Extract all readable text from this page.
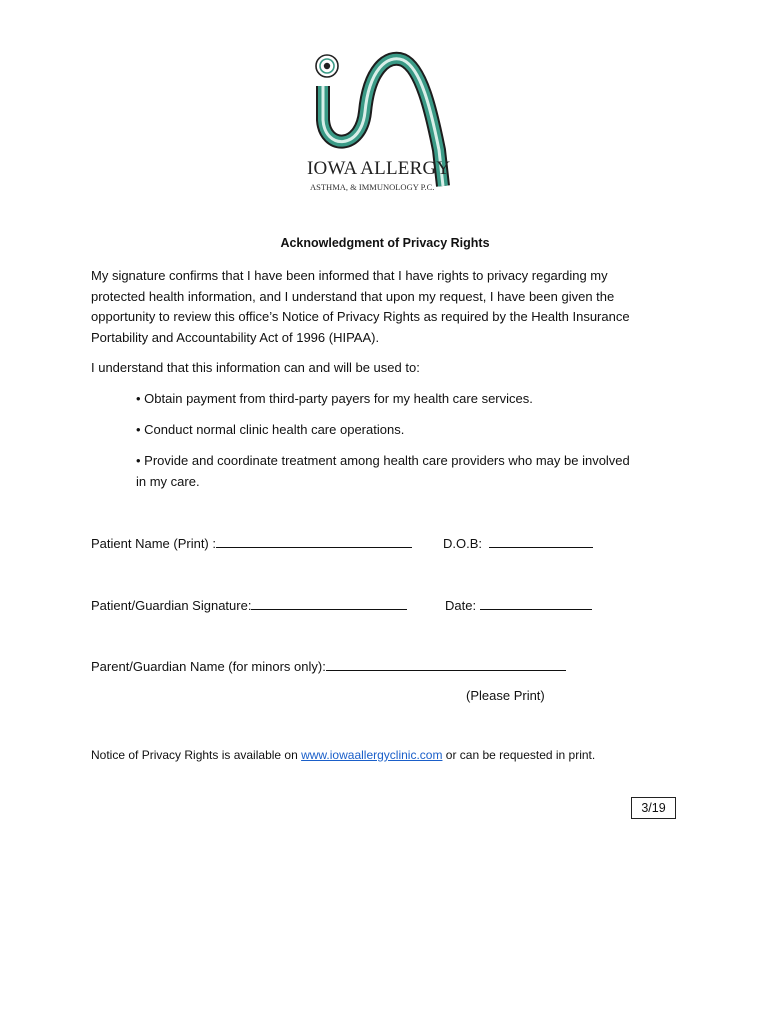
IOWA ALLERGY
ASTHMA, & IMMUNOLOGY P.C.
Acknowledgment of Privacy Rights
My signature confirms that I have been informed that I have rights to privacy regarding my
protected health information, and I understand that upon my request, I have been given the
opportunity to review this office’s Notice of Privacy Rights as required by the Health Insurance
Portability and Accountability Act of 1996 (HIPAA).
I understand that this information can and will be used to:
• Obtain payment from third-party payers for my health care services.
• Conduct normal clinic health care operations.
• Provide and coordinate treatment among health care providers who may be involved
in my care.
Patient Name (Print) :	D.O.B:
Patient/Guardian Signature:	Date:
Parent/Guardian Name (for minors only):
(Please Print)
Notice of Privacy Rights is available on www.iowaallergyclinic.com or can be requested in print.
3/19
